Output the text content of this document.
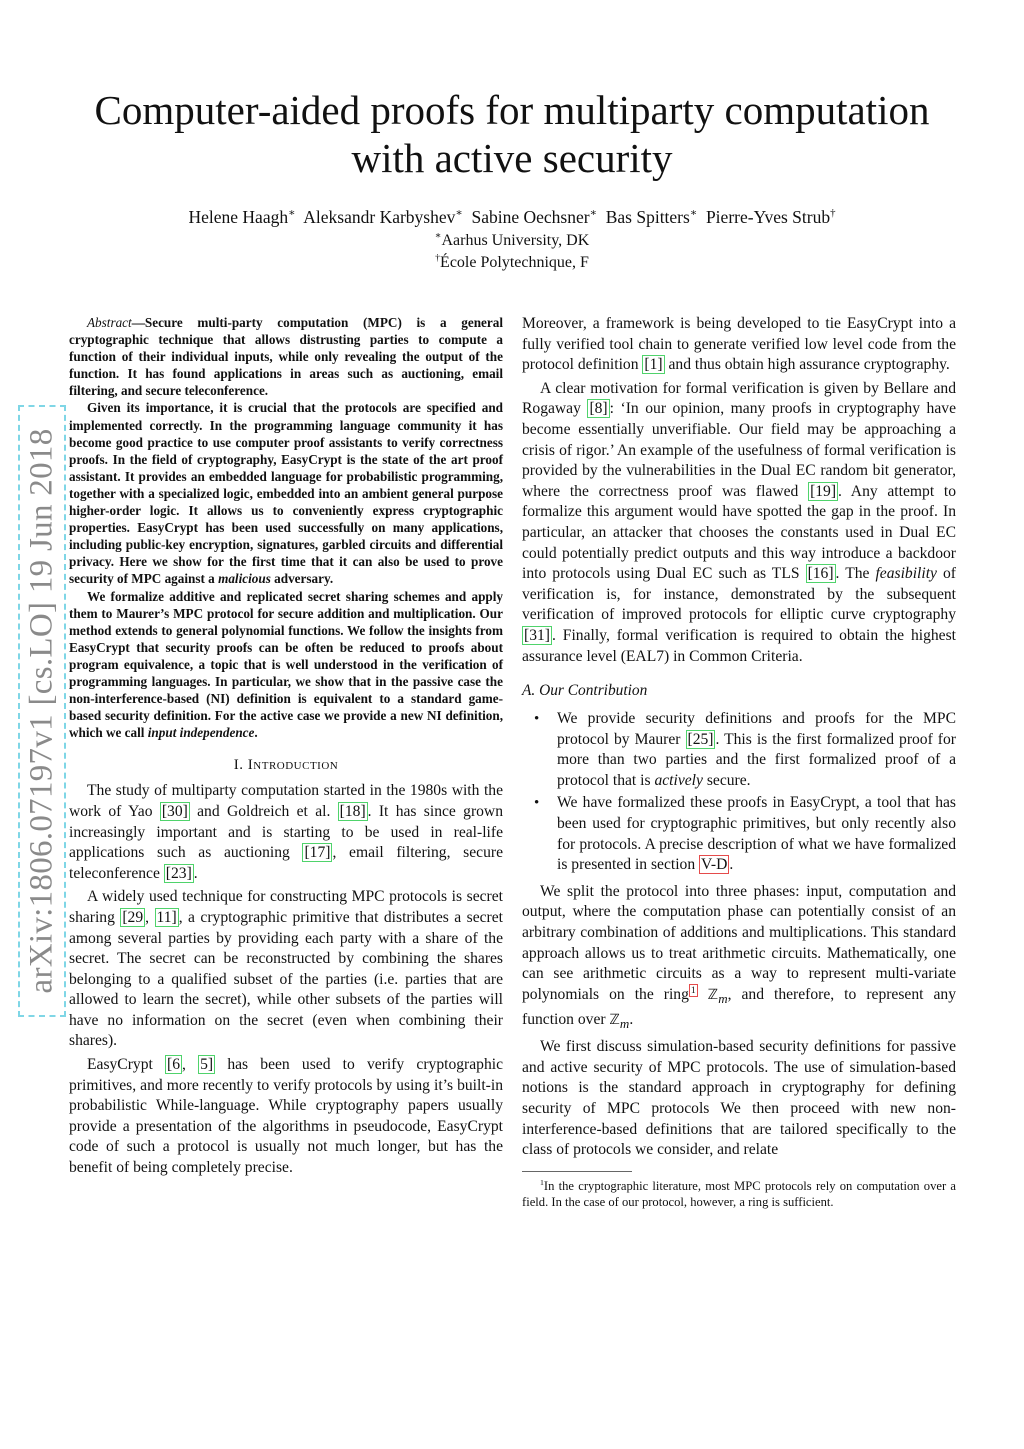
arXiv:1806.07197v1 [cs.LO] 19 Jun 2018
Computer-aided proofs for multiparty computation
with active security
Helene Haagh∗ Aleksandr Karbyshev∗ Sabine Oechsner∗ Bas Spitters∗ Pierre-Yves Strub†
∗Aarhus University, DK
†École Polytechnique, F

Abstract—Secure multi-party computation (MPC) is a general cryptographic technique that allows distrusting parties to compute a function of their individual inputs, while only revealing the output of the function. It has found applications in areas such as auctioning, email filtering, and secure teleconference.

Given its importance, it is crucial that the protocols are specified and implemented correctly. In the programming language community it has become good practice to use computer proof assistants to verify correctness proofs. In the field of cryptography, EasyCrypt is the state of the art proof assistant. It provides an embedded language for probabilistic programming, together with a specialized logic, embedded into an ambient general purpose higher-order logic. It allows us to conveniently express cryptographic properties. EasyCrypt has been used successfully on many applications, including public-key encryption, signatures, garbled circuits and differential privacy. Here we show for the first time that it can also be used to prove security of MPC against a malicious adversary.

We formalize additive and replicated secret sharing schemes and apply them to Maurer’s MPC protocol for secure addition and multiplication. Our method extends to general polynomial functions. We follow the insights from EasyCrypt that security proofs can be often be reduced to proofs about program equivalence, a topic that is well understood in the verification of programming languages. In particular, we show that in the passive case the non-interference-based (NI) definition is equivalent to a standard game-based security definition. For the active case we provide a new NI definition, which we call input independence.

I. Introduction

The study of multiparty computation started in the 1980s with the work of Yao [30] and Goldreich et al. [18] . It has since grown increasingly important and is starting to be used in real-life applications such as auctioning [17] , email filtering, secure teleconference [23] .

A widely used technique for constructing MPC protocols is secret sharing [29 , 11] , a cryptographic primitive that distributes a secret among several parties by providing each party with a share of the secret. The secret can be reconstructed by combining the shares belonging to a qualified subset of the parties (i.e. parties that are allowed to learn the secret), while other subsets of the parties will have no information on the secret (even when combining their shares).

EasyCrypt [6 , 5] has been used to verify cryptographic primitives, and more recently to verify protocols by using it’s built-in probabilistic While-language. While cryptography papers usually provide a presentation of the algorithms in pseudocode, EasyCrypt code of such a protocol is usually not much longer, but has the benefit of being completely precise.

Moreover, a framework is being developed to tie EasyCrypt into a fully verified tool chain to generate verified low level code from the protocol definition [1] and thus obtain high assurance cryptography.

A clear motivation for formal verification is given by Bellare and Rogaway [8] : ‘In our opinion, many proofs in cryptography have become essentially unverifiable. Our field may be approaching a crisis of rigor.’ An example of the usefulness of formal verification is provided by the vulnerabilities in the Dual EC random bit generator, where the correctness proof was flawed [19] . Any attempt to formalize this argument would have spotted the gap in the proof. In particular, an attacker that chooses the constants used in Dual EC could potentially predict outputs and this way introduce a backdoor into protocols using Dual EC such as TLS [16] . The feasibility of verification is, for instance, demonstrated by the subsequent verification of improved protocols for elliptic curve cryptography [31] . Finally, formal verification is required to obtain the highest assurance level (EAL7) in Common Criteria.

A. Our Contribution
• We provide security definitions and proofs for the MPC protocol by Maurer [25] . This is the first formalized proof for more than two parties and the first formalized proof of a protocol that is actively secure.
• We have formalized these proofs in EasyCrypt, a tool that has been used for cryptographic primitives, but only recently also for protocols. A precise description of what we have formalized is presented in section V-D .

We split the protocol into three phases: input, computation and output, where the computation phase can potentially consist of an arbitrary combination of additions and multiplications. This standard approach allows us to treat arithmetic circuits. Mathematically, one can see arithmetic circuits as a way to represent multi-variate polynomials on the ring $^1$ ℤ$_m$, and therefore, to represent any function over ℤ$_m$.

We first discuss simulation-based security definitions for passive and active security of MPC protocols. The use of simulation-based notions is the standard approach in cryptography for defining security of MPC protocols We then proceed with new non-interference-based definitions that are tailored specifically to the class of protocols we consider, and relate

$^1$In the cryptographic literature, most MPC protocols rely on computation over a field. In the case of our protocol, however, a ring is sufficient.
